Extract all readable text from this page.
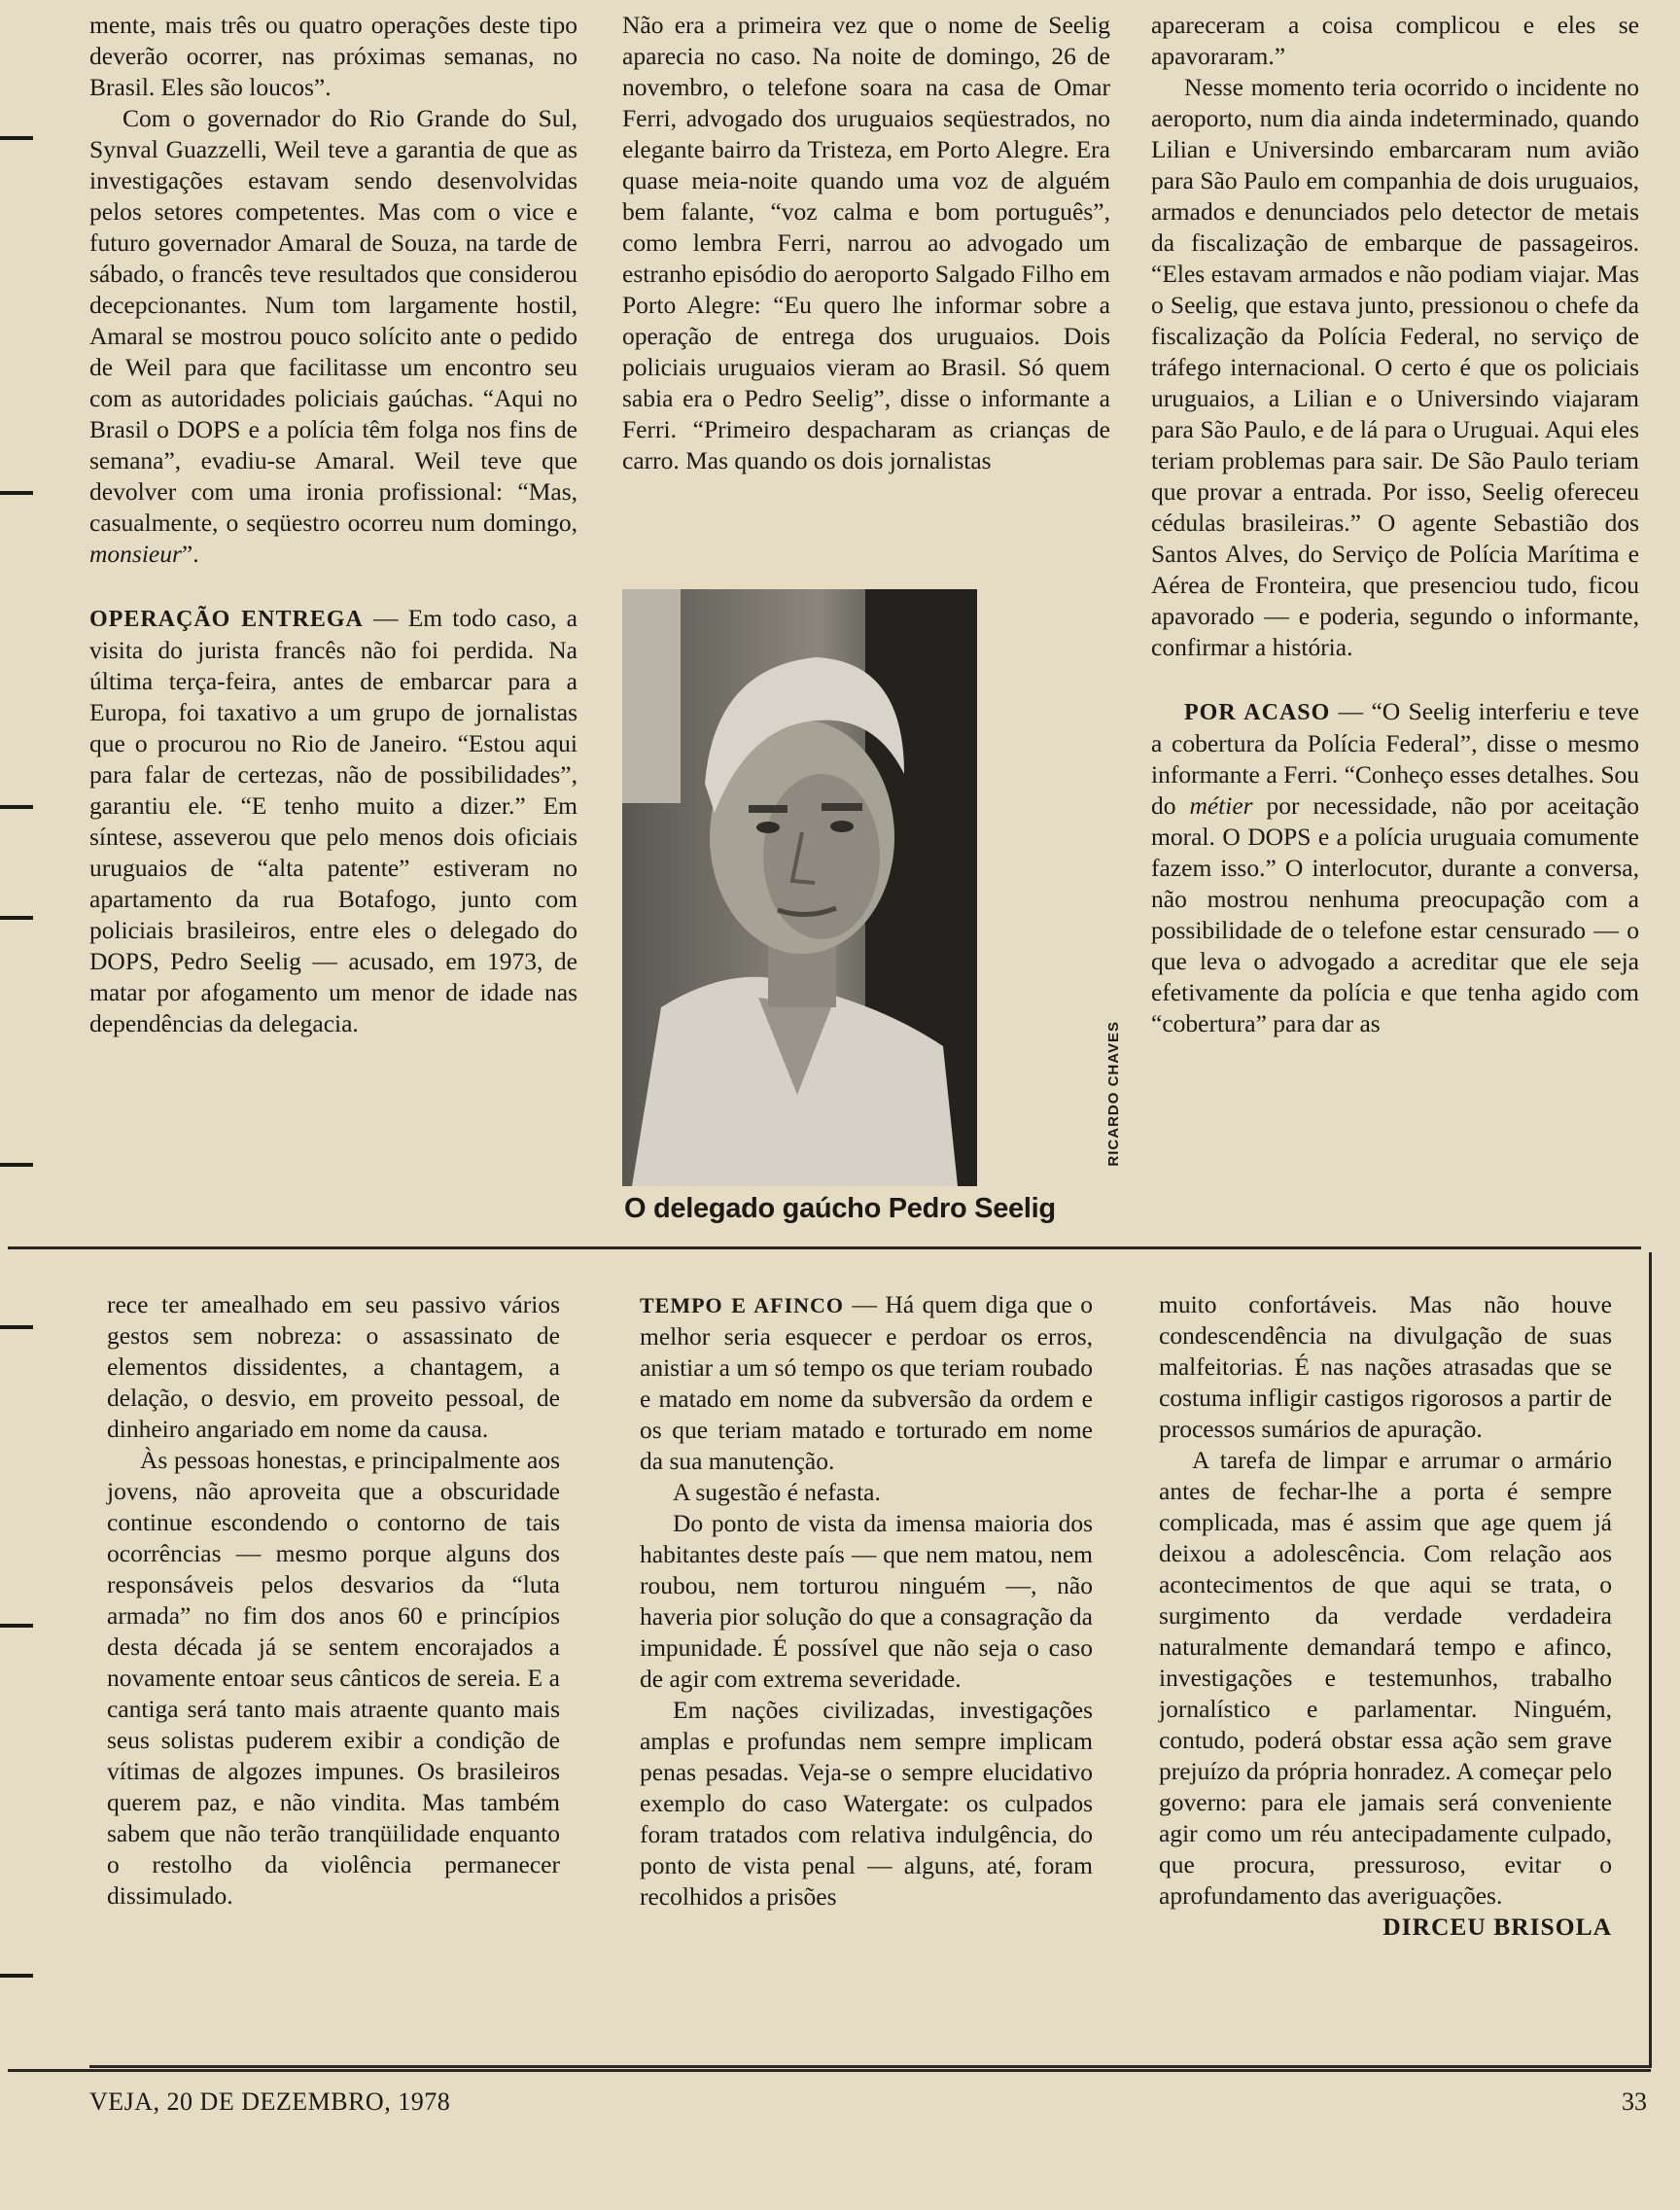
mente, mais três ou quatro operações deste tipo deverão ocorrer, nas próximas semanas, no Brasil. Eles são loucos”.

Com o governador do Rio Grande do Sul, Synval Guazzelli, Weil teve a garantia de que as investigações estavam sendo desenvolvidas pelos setores competentes. Mas com o vice e futuro governador Amaral de Souza, na tarde de sábado, o francês teve resultados que considerou decepcionantes. Num tom largamente hostil, Amaral se mostrou pouco solícito ante o pedido de Weil para que facilitasse um encontro seu com as autoridades policiais gaúchas. “Aqui no Brasil o DOPS e a polícia têm folga nos fins de semana”, evadiu-se Amaral. Weil teve que devolver com uma ironia profissional: “Mas, casualmente, o seqüestro ocorreu num domingo, monsieur”.

OPERAÇÃO ENTREGA — Em todo caso, a visita do jurista francês não foi perdida. Na última terça-feira, antes de embarcar para a Europa, foi taxativo a um grupo de jornalistas que o procurou no Rio de Janeiro. “Estou aqui para falar de certezas, não de possibilidades”, garantiu ele. “E tenho muito a dizer.” Em síntese, asseverou que pelo menos dois oficiais uruguaios de “alta patente” estiveram no apartamento da rua Botafogo, junto com policiais brasileiros, entre eles o delegado do DOPS, Pedro Seelig — acusado, em 1973, de matar por afogamento um menor de idade nas dependências da delegacia.

Não era a primeira vez que o nome de Seelig aparecia no caso. Na noite de domingo, 26 de novembro, o telefone soara na casa de Omar Ferri, advogado dos uruguaios seqüestrados, no elegante bairro da Tristeza, em Porto Alegre. Era quase meia-noite quando uma voz de alguém bem falante, “voz calma e bom português”, como lembra Ferri, narrou ao advogado um estranho episódio do aeroporto Salgado Filho em Porto Alegre: “Eu quero lhe informar sobre a operação de entrega dos uruguaios. Dois policiais uruguaios vieram ao Brasil. Só quem sabia era o Pedro Seelig”, disse o informante a Ferri. “Primeiro despacharam as crianças de carro. Mas quando os dois jornalistas

RICARDO CHAVES
O delegado gaúcho Pedro Seelig

apareceram a coisa complicou e eles se apavoraram.”

Nesse momento teria ocorrido o incidente no aeroporto, num dia ainda indeterminado, quando Lilian e Universindo embarcaram num avião para São Paulo em companhia de dois uruguaios, armados e denunciados pelo detector de metais da fiscalização de embarque de passageiros. “Eles estavam armados e não podiam viajar. Mas o Seelig, que estava junto, pressionou o chefe da fiscalização da Polícia Federal, no serviço de tráfego internacional. O certo é que os policiais uruguaios, a Lilian e o Universindo viajaram para São Paulo, e de lá para o Uruguai. Aqui eles teriam problemas para sair. De São Paulo teriam que provar a entrada. Por isso, Seelig ofereceu cédulas brasileiras.” O agente Sebastião dos Santos Alves, do Serviço de Polícia Marítima e Aérea de Fronteira, que presenciou tudo, ficou apavorado — e poderia, segundo o informante, confirmar a história.

POR ACASO — “O Seelig interferiu e teve a cobertura da Polícia Federal”, disse o mesmo informante a Ferri. “Conheço esses detalhes. Sou do métier por necessidade, não por aceitação moral. O DOPS e a polícia uruguaia comumente fazem isso.” O interlocutor, durante a conversa, não mostrou nenhuma preocupação com a possibilidade de o telefone estar censurado — o que leva o advogado a acreditar que ele seja efetivamente da polícia e que tenha agido com “cobertura” para dar as

rece ter amealhado em seu passivo vários gestos sem nobreza: o assassinato de elementos dissidentes, a chantagem, a delação, o desvio, em proveito pessoal, de dinheiro angariado em nome da causa.

Às pessoas honestas, e principalmente aos jovens, não aproveita que a obscuridade continue escondendo o contorno de tais ocorrências — mesmo porque alguns dos responsáveis pelos desvarios da “luta armada” no fim dos anos 60 e princípios desta década já se sentem encorajados a novamente entoar seus cânticos de sereia. E a cantiga será tanto mais atraente quanto mais seus solistas puderem exibir a condição de vítimas de algozes impunes. Os brasileiros querem paz, e não vindita. Mas também sabem que não terão tranqüilidade enquanto o restolho da violência permanecer dissimulado.

TEMPO E AFINCO — Há quem diga que o melhor seria esquecer e perdoar os erros, anistiar a um só tempo os que teriam roubado e matado em nome da subversão da ordem e os que teriam matado e torturado em nome da sua manutenção.

A sugestão é nefasta.

Do ponto de vista da imensa maioria dos habitantes deste país — que nem matou, nem roubou, nem torturou ninguém —, não haveria pior solução do que a consagração da impunidade. É possível que não seja o caso de agir com extrema severidade.

Em nações civilizadas, investigações amplas e profundas nem sempre implicam penas pesadas. Veja-se o sempre elucidativo exemplo do caso Watergate: os culpados foram tratados com relativa indulgência, do ponto de vista penal — alguns, até, foram recolhidos a prisões

muito confortáveis. Mas não houve condescendência na divulgação de suas malfeitorias. É nas nações atrasadas que se costuma infligir castigos rigorosos a partir de processos sumários de apuração.

A tarefa de limpar e arrumar o armário antes de fechar-lhe a porta é sempre complicada, mas é assim que age quem já deixou a adolescência. Com relação aos acontecimentos de que aqui se trata, o surgimento da verdade verdadeira naturalmente demandará tempo e afinco, investigações e testemunhos, trabalho jornalístico e parlamentar. Ninguém, contudo, poderá obstar essa ação sem grave prejuízo da própria honradez. A começar pelo governo: para ele jamais será conveniente agir como um réu antecipadamente culpado, que procura, pressuroso, evitar o aprofundamento das averiguações.
DIRCEU BRISOLA

VEJA, 20 DE DEZEMBRO, 1978	33
